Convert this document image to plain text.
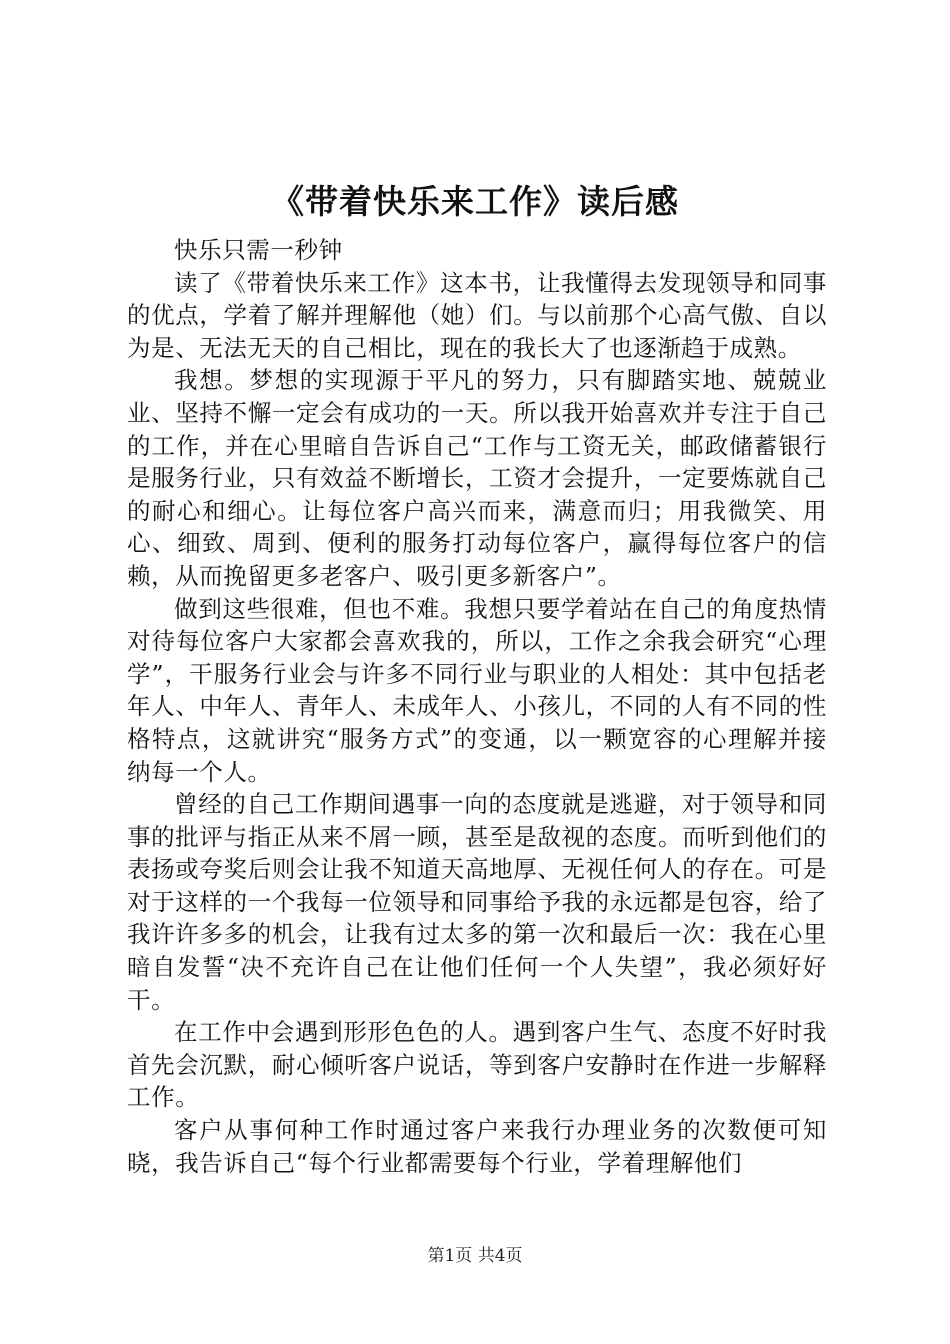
《带着快乐来工作》读后感

快乐只需一秒钟

读了《带着快乐来工作》这本书，让我懂得去发现领导和同事的优点，学着了解并理解他（她）们。与以前那个心高气傲、自以为是、无法无天的自己相比，现在的我长大了也逐渐趋于成熟。

我想。梦想的实现源于平凡的努力，只有脚踏实地、兢兢业业、坚持不懈一定会有成功的一天。所以我开始喜欢并专注于自己的工作，并在心里暗自告诉自己“工作与工资无关，邮政储蓄银行是服务行业，只有效益不断增长，工资才会提升，一定要炼就自己的耐心和细心。让每位客户高兴而来，满意而归；用我微笑、用心、细致、周到、便利的服务打动每位客户，赢得每位客户的信赖，从而挽留更多老客户、吸引更多新客户”。

做到这些很难，但也不难。我想只要学着站在自己的角度热情对待每位客户大家都会喜欢我的，所以，工作之余我会研究“心理学”，干服务行业会与许多不同行业与职业的人相处：其中包括老年人、中年人、青年人、未成年人、小孩儿，不同的人有不同的性格特点，这就讲究“服务方式”的变通，以一颗宽容的心理解并接纳每一个人。

曾经的自己工作期间遇事一向的态度就是逃避，对于领导和同事的批评与指正从来不屑一顾，甚至是敌视的态度。而听到他们的表扬或夸奖后则会让我不知道天高地厚、无视任何人的存在。可是对于这样的一个我每一位领导和同事给予我的永远都是包容，给了我许许多多的机会，让我有过太多的第一次和最后一次：我在心里暗自发誓“决不充许自己在让他们任何一个人失望”，我必须好好干。

在工作中会遇到形形色色的人。遇到客户生气、态度不好时我首先会沉默，耐心倾听客户说话，等到客户安静时在作进一步解释工作。

客户从事何种工作时通过客户来我行办理业务的次数便可知晓，我告诉自己“每个行业都需要每个行业，学着理解他们

第1页 共4页
